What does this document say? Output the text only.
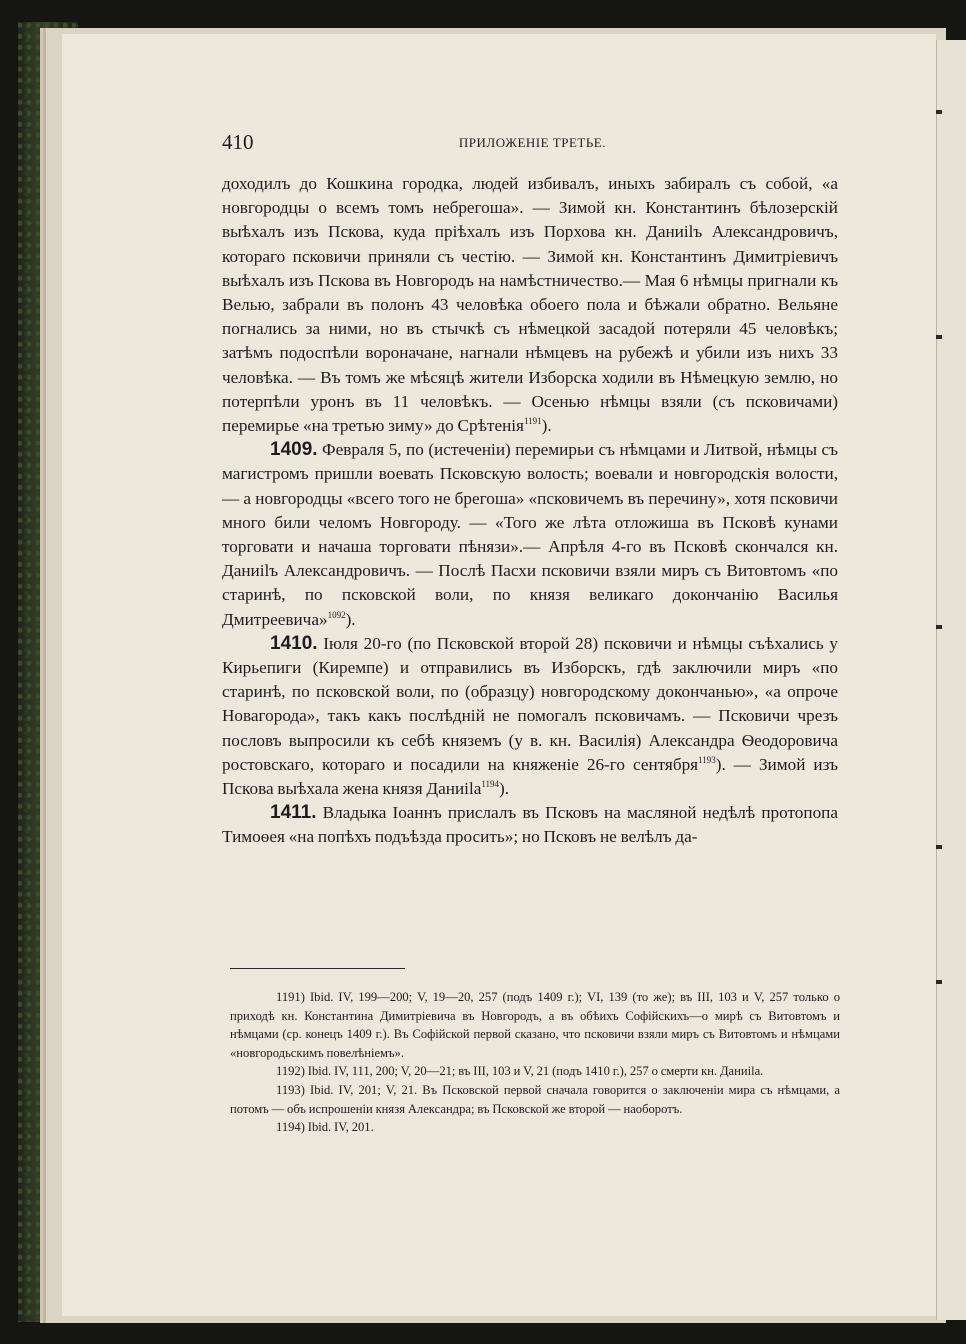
410	ПРИЛОЖЕНIЕ ТРЕТЬЕ.

доходилъ до Кошкина городка, людей избивалъ, иныхъ забиралъ съ собой, «а новгородцы о всемъ томъ небрегоша». — Зимой кн. Константинъ бѣлозерскiй выѣхалъ изъ Пскова, куда прiѣхалъ изъ Порхова кн. Даниilъ Александровичъ, котораго псковичи приняли съ честiю. — Зимой кн. Константинъ Димитрiевичъ выѣхалъ изъ Пскова въ Новгородъ на намѣстничество.— Мая 6 нѣмцы пригнали къ Велью, забрали въ полонъ 43 человѣка обоего пола и бѣжали обратно. Вельяне погнались за ними, но въ стычкѣ съ нѣмецкой засадой потеряли 45 человѣкъ; затѣмъ подоспѣли вороначане, нагнали нѣмцевъ на рубежѣ и убили изъ нихъ 33 человѣка. — Въ томъ же мѣсяцѣ жители Изборска ходили въ Нѣмецкую землю, но потерпѣли уронъ въ 11 человѣкъ. — Осенью нѣмцы взяли (съ псковичами) перемирье «на третью зиму» до Срѣтенiя$^{1191}$).

1409. Февраля 5, по (истеченiи) перемирьи съ нѣмцами и Литвой, нѣмцы съ магистромъ пришли воевать Псковскую волость; воевали и новгородскiя волости, — а новгородцы «всего того не брегоша» «псковичемъ въ перечину», хотя псковичи много били челомъ Новгороду. — «Того же лѣта отложиша въ Псковѣ кунами торговати и начаша торговати пѣнязи».— Апрѣля 4-го въ Псковѣ скончался кн. Даниilъ Александровичъ. — Послѣ Пасхи псковичи взяли миръ съ Витовтомъ «по старинѣ, по псковской воли, по князя великаго докончанiю Василья Дмитреевича»$^{1092}$).

1410. Iюля 20-го (по Псковской второй 28) псковичи и нѣмцы съѣхались у Кирьепиги (Киремпе) и отправились въ Изборскъ, гдѣ заключили миръ «по старинѣ, по псковской воли, по (образцу) новгородскому докончанью», «а опроче Новагорода», такъ какъ послѣднiй не помогалъ псковичамъ. — Псковичи чрезъ пословъ выпросили къ себѣ княземъ (у в. кн. Василiя) Александра Ѳеодоровича ростовскаго, котораго и посадили на княженiе 26-го сентября$^{1193}$). — Зимой изъ Пскова выѣхала жена князя Даниila$^{1194}$).

1411. Владыка Iоаннъ прислалъ въ Псковъ на масляной недѣлѣ протопопа Тимоѳея «на попѣхъ подъѣзда просить»; но Псковъ не велѣлъ да-

1191) Ibid. IV, 199—200; V, 19—20, 257 (подъ 1409 г.); VI, 139 (то же); въ III, 103 и V, 257 только о приходѣ кн. Константина Димитрiевича въ Новгородъ, а въ обѣихъ Софiйскихъ—о мирѣ съ Витовтомъ и нѣмцами (ср. конецъ 1409 г.). Въ Софiйской первой сказано, что псковичи взяли миръ съ Витовтомъ и нѣмцами «новгородьскимъ повелѣнiемъ».

1192) Ibid. IV, 111, 200; V, 20—21; въ III, 103 и V, 21 (подъ 1410 г.), 257 о смерти кн. Даниila.

1193) Ibid. IV, 201; V, 21. Въ Псковской первой сначала говорится о заключенiи мира съ нѣмцами, а потомъ — объ испрошенiи князя Александра; въ Псковской же второй — наоборотъ.

1194) Ibid. IV, 201.
